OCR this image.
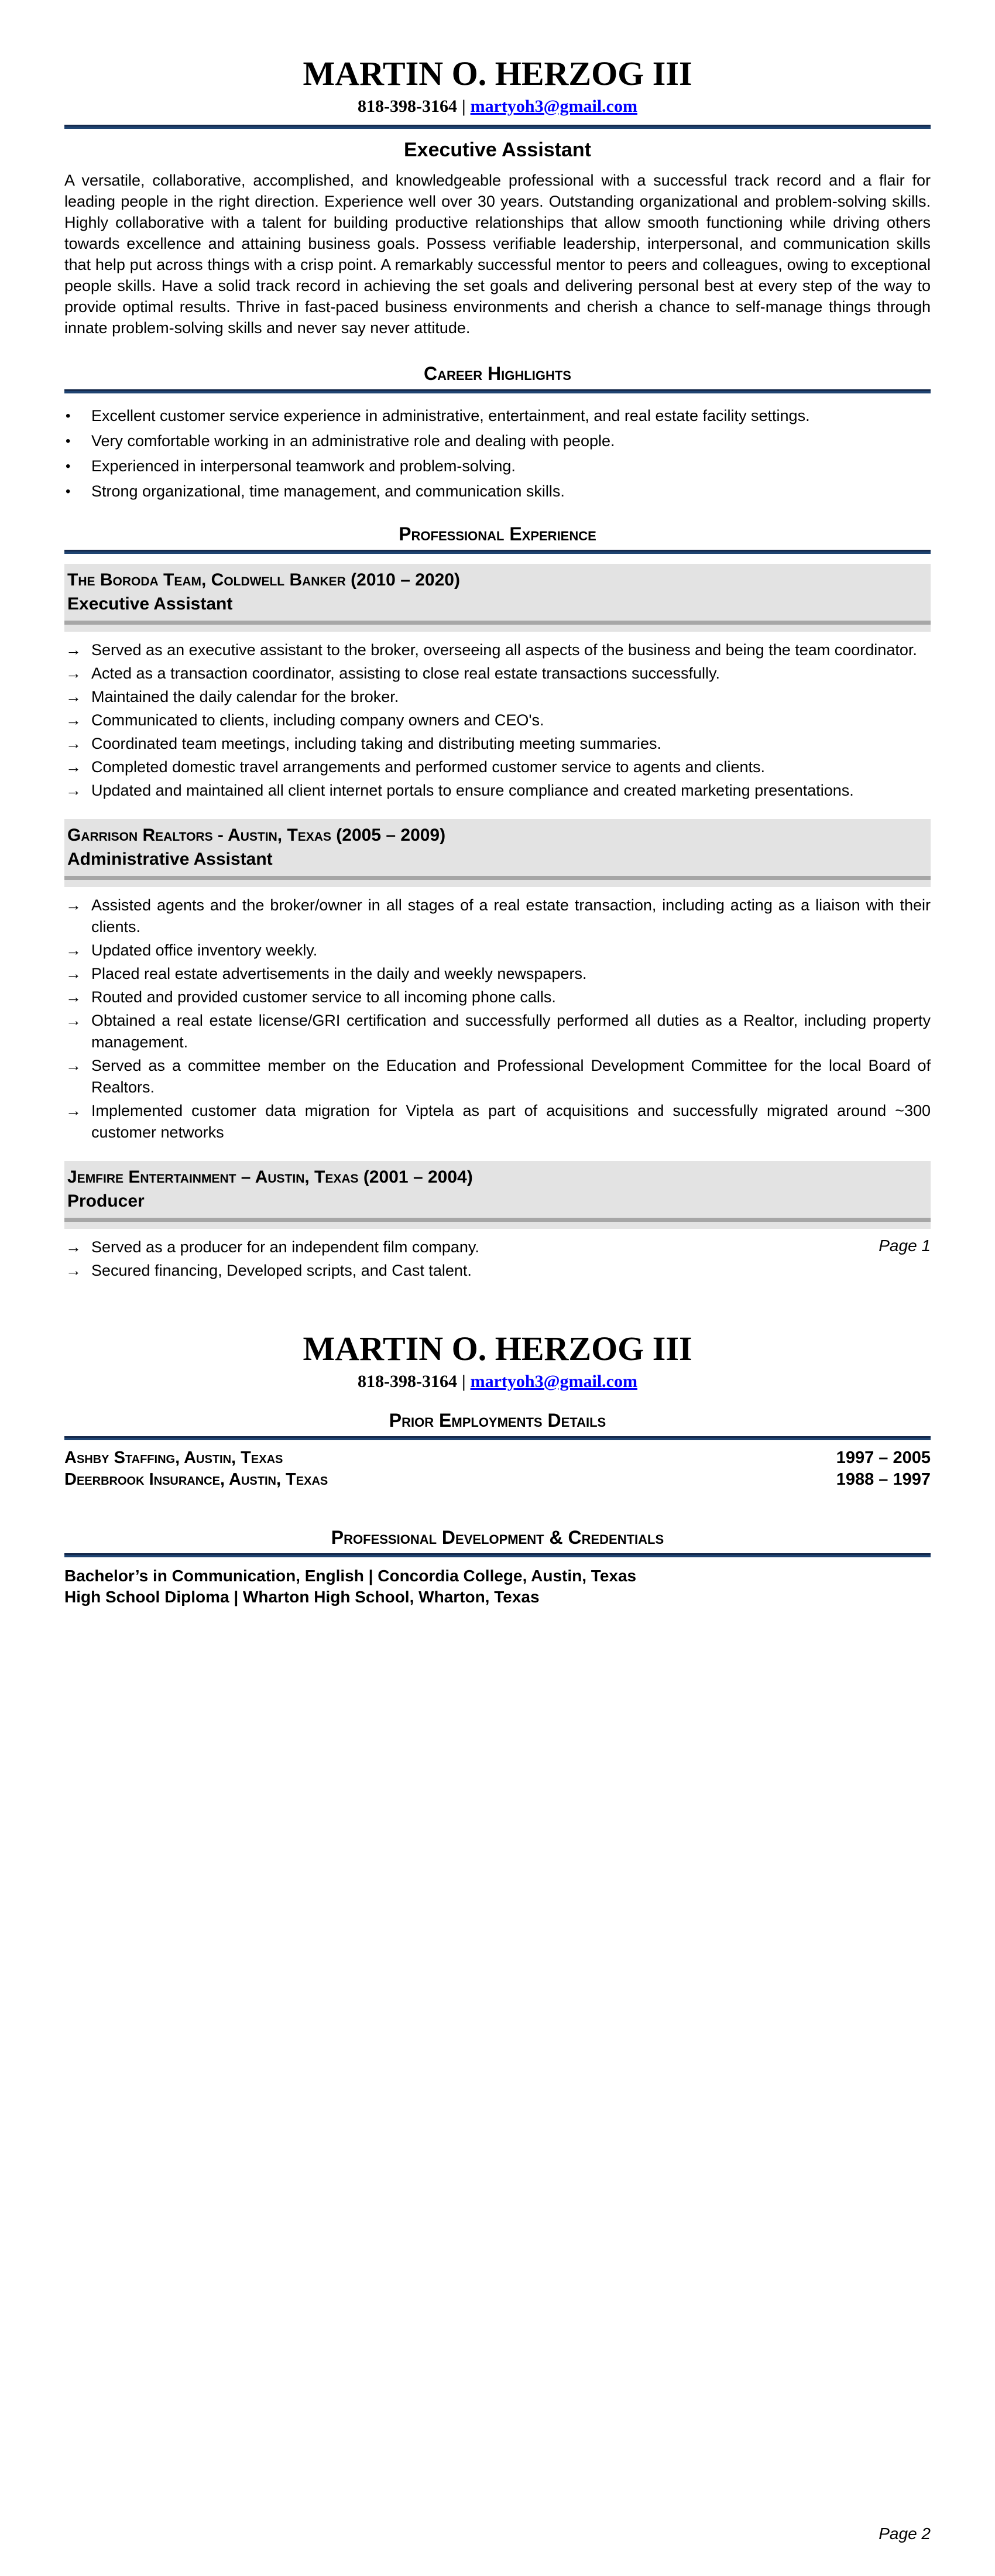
MARTIN O. HERZOG III
818-398-3164 | martyoh3@gmail.com
Executive Assistant
A versatile, collaborative, accomplished, and knowledgeable professional with a successful track record and a flair for leading people in the right direction. Experience well over 30 years. Outstanding organizational and problem-solving skills. Highly collaborative with a talent for building productive relationships that allow smooth functioning while driving others towards excellence and attaining business goals. Possess verifiable leadership, interpersonal, and communication skills that help put across things with a crisp point. A remarkably successful mentor to peers and colleagues, owing to exceptional people skills. Have a solid track record in achieving the set goals and delivering personal best at every step of the way to provide optimal results. Thrive in fast-paced business environments and cherish a chance to self-manage things through innate problem-solving skills and never say never attitude.
Career Highlights
• Excellent customer service experience in administrative, entertainment, and real estate facility settings.
• Very comfortable working in an administrative role and dealing with people.
• Experienced in interpersonal teamwork and problem-solving.
• Strong organizational, time management, and communication skills.
Professional Experience
The Boroda Team, Coldwell Banker (2010 – 2020)
Executive Assistant
→ Served as an executive assistant to the broker, overseeing all aspects of the business and being the team coordinator.
→ Acted as a transaction coordinator, assisting to close real estate transactions successfully.
→ Maintained the daily calendar for the broker.
→ Communicated to clients, including company owners and CEO's.
→ Coordinated team meetings, including taking and distributing meeting summaries.
→ Completed domestic travel arrangements and performed customer service to agents and clients.
→ Updated and maintained all client internet portals to ensure compliance and created marketing presentations.
Garrison Realtors - Austin, Texas (2005 – 2009)
Administrative Assistant
→ Assisted agents and the broker/owner in all stages of a real estate transaction, including acting as a liaison with their clients.
→ Updated office inventory weekly.
→ Placed real estate advertisements in the daily and weekly newspapers.
→ Routed and provided customer service to all incoming phone calls.
→ Obtained a real estate license/GRI certification and successfully performed all duties as a Realtor, including property management.
→ Served as a committee member on the Education and Professional Development Committee for the local Board of Realtors.
→ Implemented customer data migration for Viptela as part of acquisitions and successfully migrated around ~300 customer networks
Jemfire Entertainment – Austin, Texas (2001 – 2004)
Producer
→ Served as a producer for an independent film company.
→ Secured financing, Developed scripts, and Cast talent.
Page 1
MARTIN O. HERZOG III
818-398-3164 | martyoh3@gmail.com
Prior Employments Details
Ashby Staffing, Austin, Texas	1997 – 2005
Deerbrook Insurance, Austin, Texas	1988 – 1997
Professional Development & Credentials
Bachelor’s in Communication, English | Concordia College, Austin, Texas
High School Diploma | Wharton High School, Wharton, Texas
Page 2
